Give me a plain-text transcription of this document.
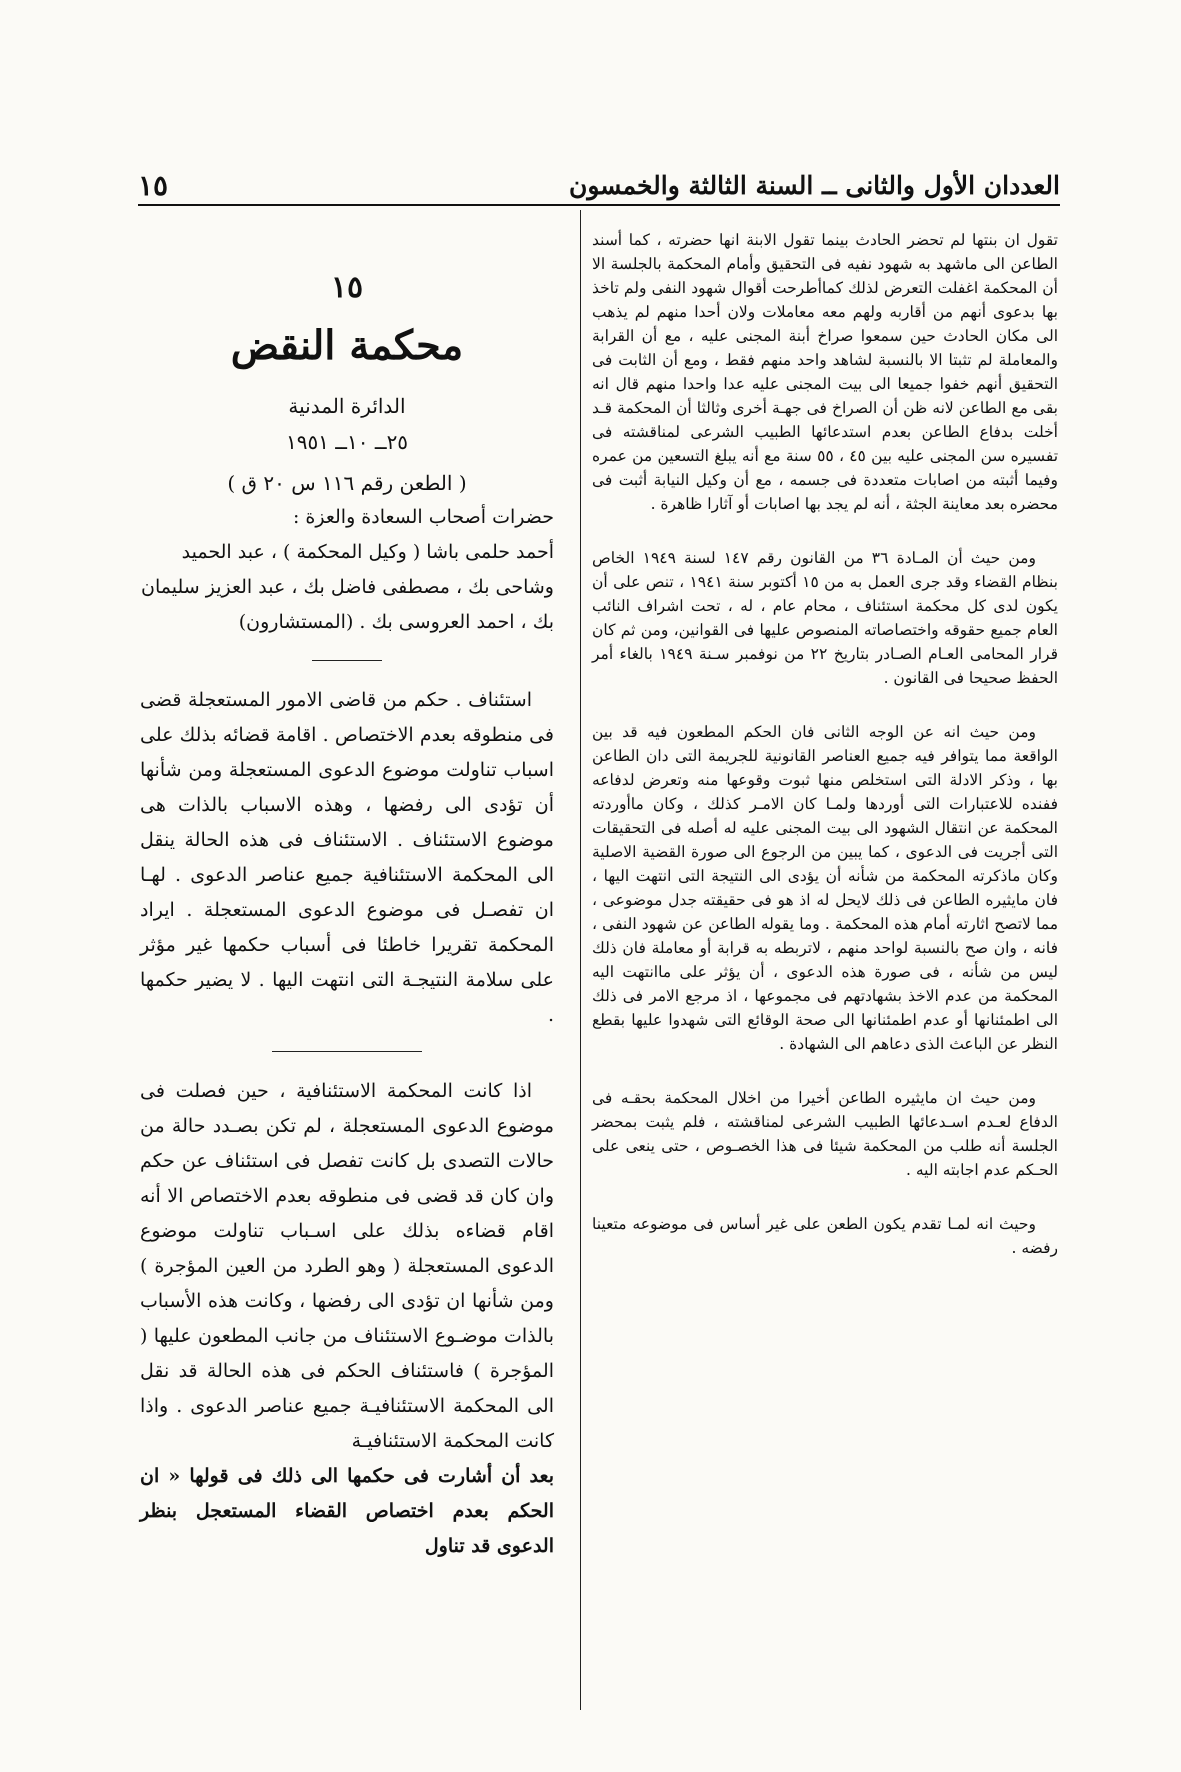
العددان الأول والثانى ــ السنة الثالثة والخمسون
١٥

تقول ان بنتها لم تحضر الحادث بينما تقول الابنة انها حضرته ، كما أسند الطاعن الى ماشهد به شهود نفيه فى التحقيق وأمام المحكمة بالجلسة الا أن المحكمة اغفلت التعرض لذلك كماأطرحت أقوال شهود النفى ولم تاخذ بها بدعوى أنهم من أقاربه ولهم معه معاملات ولان أحدا منهم لم يذهب الى مكان الحادث حين سمعوا صراخ أبنة المجنى عليه ، مع أن القرابة والمعاملة لم تثبتا الا بالنسبة لشاهد واحد منهم فقط ، ومع أن الثابت فى التحقيق أنهم خفوا جميعا الى بيت المجنى عليه عدا واحدا منهم قال انه بقى مع الطاعن لانه ظن أن الصراخ فى جهـة أخرى وثالثا أن المحكمة قـد أخلت بدفاع الطاعن بعدم استدعائها الطبيب الشرعى لمناقشته فى تفسيره سن المجنى عليه بين ٤٥ ، ٥٥ سنة مع أنه يبلغ التسعين من عمره وفيما أثبته من اصابات متعددة فى جسمه ، مع أن وكيل النيابة أثبت فى محضره بعد معاينة الجثة ، أنه لم يجد بها اصابات أو آثارا ظاهرة .

ومن حيث أن المـادة ٣٦ من القانون رقم ١٤٧ لسنة ١٩٤٩ الخاص بنظام القضاء وقد جرى العمل به من ١٥ أكتوبر سنة ١٩٤١ ، تنص على أن يكون لدى كل محكمة استئناف ، محام عام ، له ، تحت اشراف النائب العام جميع حقوقه واختصاصاته المنصوص عليها فى القوانين، ومن ثم كان قرار المحامى العـام الصـادر بتاريخ ٢٢ من نوفمبر سـنة ١٩٤٩ بالغاء أمر الحفظ صحيحا فى القانون .

ومن حيث انه عن الوجه الثانى فان الحكم المطعون فيه قد بين الواقعة مما يتوافر فيه جميع العناصر القانونية للجريمة التى دان الطاعن بها ، وذكر الادلة التى استخلص منها ثبوت وقوعها منه وتعرض لدفاعه ففنده للاعتبارات التى أوردها ولمـا كان الامـر كذلك ، وكان ماأوردته المحكمة عن انتقال الشهود الى بيت المجنى عليه له أصله فى التحقيقات التى أجريت فى الدعوى ، كما يبين من الرجوع الى صورة القضية الاصلية وكان ماذكرته المحكمة من شأنه أن يؤدى الى النتيجة التى انتهت اليها ، فان مايثيره الطاعن فى ذلك لايحل له اذ هو فى حقيقته جدل موضوعى ، مما لاتصح اثارته أمام هذه المحكمة . وما يقوله الطاعن عن شهود النفى ، فانه ، وان صح بالنسبة لواحد منهم ، لاتربطه به قرابة أو معاملة فان ذلك ليس من شأنه ، فى صورة هذه الدعوى ، أن يؤثر على ماانتهت اليه المحكمة من عدم الاخذ بشهادتهم فى مجموعها ، اذ مرجع الامر فى ذلك الى اطمئنانها أو عدم اطمئنانها الى صحة الوقائع التى شهدوا عليها بقطع النظر عن الباعث الذى دعاهم الى الشهادة .

ومن حيث ان مايثيره الطاعن أخيرا من اخلال المحكمة بحقـه فى الدفاع لعـدم اسـدعائها الطبيب الشرعى لمناقشته ، فلم يثبت بمحضر الجلسة أنه طلب من المحكمة شيئا فى هذا الخصـوص ، حتى ينعى على الحـكم عدم اجابته اليه .

وحيث انه لمـا تقدم يكون الطعن على غير أساس فى موضوعه متعينا رفضه .

١٥
محكمة النقض
الدائرة المدنية
٢٥ــ ١٠ــ ١٩٥١
( الطعن رقم ١١٦ س ٢٠ ق )

حضرات أصحاب السعادة والعزة :

أحمد حلمى باشا ( وكيل المحكمة ) ، عبد الحميد

وشاحى بك ، مصطفى فاضل بك ، عبد العزيز سليمان

بك ، احمد العروسى بك . (المستشارون)

استئناف . حكم من قاضى الامور المستعجلة قضى فى منطوقه بعدم الاختصاص . اقامة قضائه بذلك على اسباب تناولت موضوع الدعوى المستعجلة ومن شأنها أن تؤدى الى رفضها ، وهذه الاسباب بالذات هى موضوع الاستئناف . الاستئناف فى هذه الحالة ينقل الى المحكمة الاستئنافية جميع عناصر الدعوى . لهـا ان تفصـل فى موضوع الدعوى المستعجلة . ايراد المحكمة تقريرا خاطئا فى أسباب حكمها غير مؤثر على سلامة النتيجـة التى انتهت اليها . لا يضير حكمها .

اذا كانت المحكمة الاستئنافية ، حين فصلت فى موضوع الدعوى المستعجلة ، لم تكن بصـدد حالة من حالات التصدى بل كانت تفصل فى استئناف عن حكم وان كان قد قضى فى منطوقه بعدم الاختصاص الا أنه اقام قضاءه بذلك على اسـباب تناولت موضوع الدعوى المستعجلة ( وهو الطرد من العين المؤجرة ) ومن شأنها ان تؤدى الى رفضها ، وكانت هذه الأسباب بالذات موضـوع الاستئناف من جانب المطعون عليها ( المؤجرة ) فاستئناف الحكم فى هذه الحالة قد نقل الى المحكمة الاستئنافيـة جميع عناصر الدعوى . واذا كانت المحكمة الاستئنافيـة

بعد أن أشارت فى حكمها الى ذلك فى قولها « ان الحكم بعدم اختصاص القضاء المستعجل بنظر الدعوى قد تناول
